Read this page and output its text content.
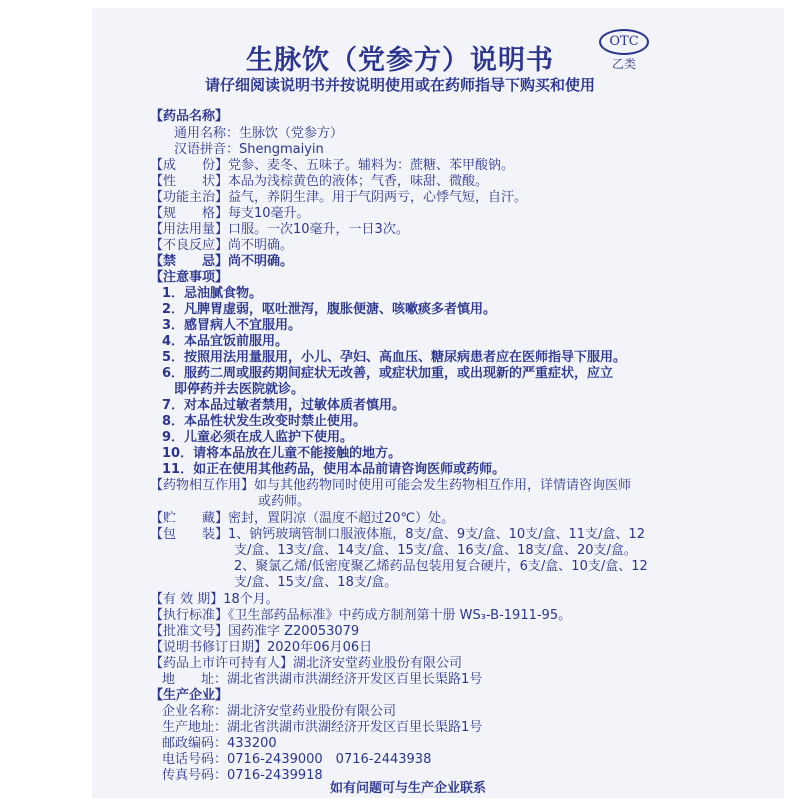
生脉饮（党参方）说明书
OTC
乙类
请仔细阅读说明书并按说明使用或在药师指导下购买和使用
【药品名称】
通用名称：生脉饮（党参方）
汉语拼音：Shengmaiyin
【成　　份】党参、麦冬、五味子。辅料为：蔗糖、苯甲酸钠。
【性　　状】本品为浅棕黄色的液体；气香，味甜、微酸。
【功能主治】益气，养阴生津。用于气阴两亏，心悸气短，自汗。
【规　　格】每支10毫升。
【用法用量】口服。一次10毫升，一日3次。
【不良反应】尚不明确。
【禁　　忌】尚不明确。
【注意事项】
1．忌油腻食物。
2．凡脾胃虚弱，呕吐泄泻，腹胀便溏、咳嗽痰多者慎用。
3．感冒病人不宜服用。
4．本品宜饭前服用。
5．按照用法用量服用，小儿、孕妇、高血压、糖尿病患者应在医师指导下服用。
6．服药二周或服药期间症状无改善，或症状加重，或出现新的严重症状，应立
即停药并去医院就诊。
7．对本品过敏者禁用，过敏体质者慎用。
8．本品性状发生改变时禁止使用。
9．儿童必须在成人监护下使用。
10．请将本品放在儿童不能接触的地方。
11．如正在使用其他药品，使用本品前请咨询医师或药师。
【药物相互作用】如与其他药物同时使用可能会发生药物相互作用，详情请咨询医师
或药师。
【贮　　藏】密封，置阴凉（温度不超过20℃）处。
【包　　装】1、钠钙玻璃管制口服液体瓶，8支/盒、9支/盒、10支/盒、11支/盒、12
支/盒、13支/盒、14支/盒、15支/盒、16支/盒、18支/盒、20支/盒。
2、聚氯乙烯/低密度聚乙烯药品包装用复合硬片，6支/盒、10支/盒、12
支/盒、15支/盒、18支/盒。
【有 效 期】18个月。
【执行标准】《卫生部药品标准》中药成方制剂第十册 WS₃-B-1911-95。
【批准文号】国药准字 Z20053079
【说明书修订日期】2020年06月06日
【药品上市许可持有人】湖北济安堂药业股份有限公司
地　　址：湖北省洪湖市洪湖经济开发区百里长渠路1号
【生产企业】
企业名称：湖北济安堂药业股份有限公司
生产地址：湖北省洪湖市洪湖经济开发区百里长渠路1号
邮政编码：433200
电话号码：0716-2439000　0716-2443938
传真号码：0716-2439918
如有问题可与生产企业联系
